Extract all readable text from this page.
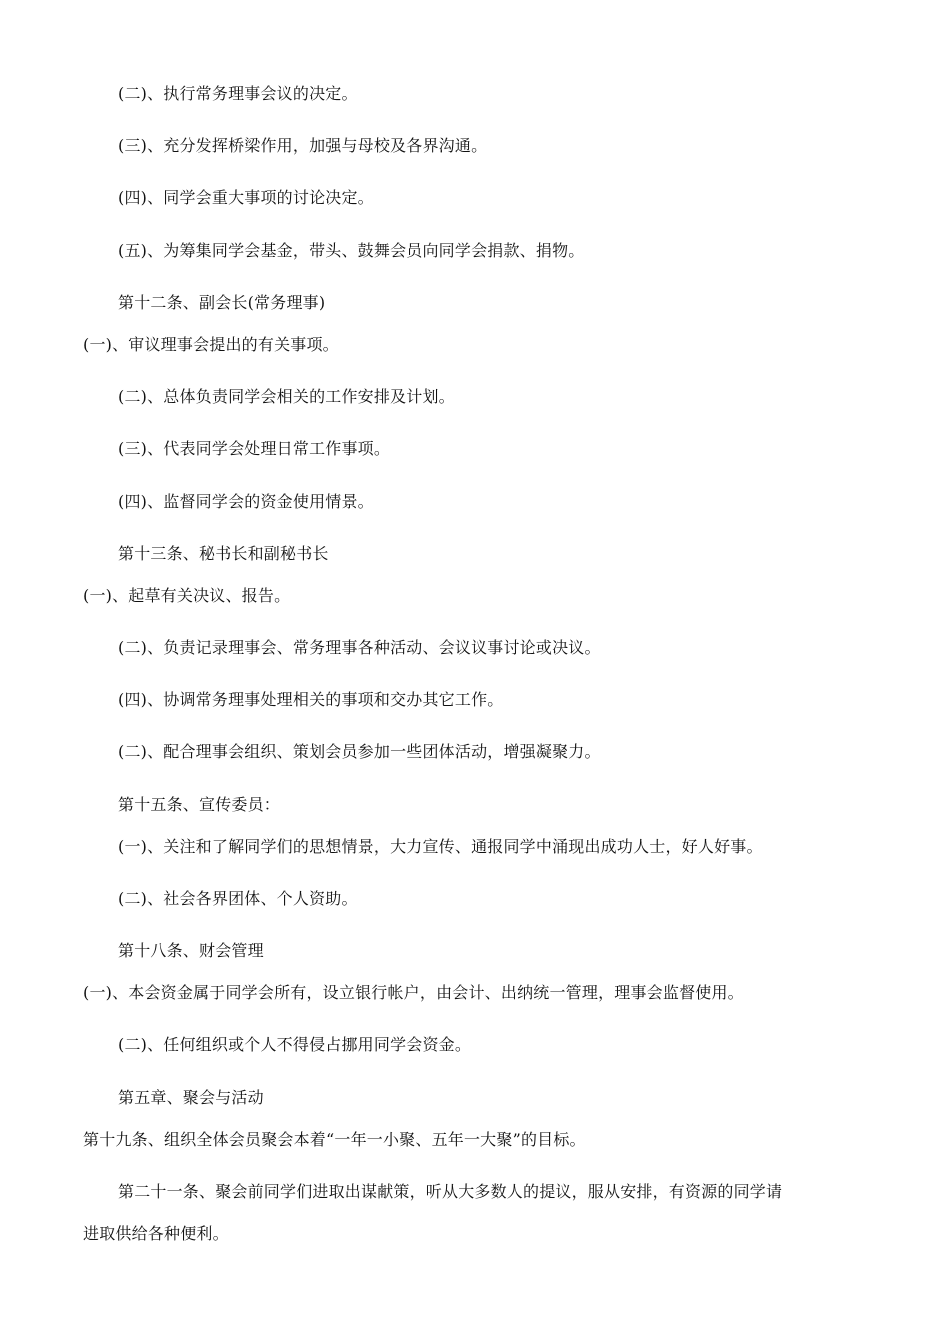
(二)、执行常务理事会议的决定。
(三)、充分发挥桥梁作用，加强与母校及各界沟通。
(四)、同学会重大事项的讨论决定。
(五)、为筹集同学会基金，带头、鼓舞会员向同学会捐款、捐物。
第十二条、副会长(常务理事)
(一)、审议理事会提出的有关事项。
(二)、总体负责同学会相关的工作安排及计划。
(三)、代表同学会处理日常工作事项。
(四)、监督同学会的资金使用情景。
第十三条、秘书长和副秘书长
(一)、起草有关决议、报告。
(二)、负责记录理事会、常务理事各种活动、会议议事讨论或决议。
(四)、协调常务理事处理相关的事项和交办其它工作。
(二)、配合理事会组织、策划会员参加一些团体活动，增强凝聚力。
第十五条、宣传委员：
(一)、关注和了解同学们的思想情景，大力宣传、通报同学中涌现出成功人士，好人好事。
(二)、社会各界团体、个人资助。
第十八条、财会管理
(一)、本会资金属于同学会所有，设立银行帐户，由会计、出纳统一管理，理事会监督使用。
(二)、任何组织或个人不得侵占挪用同学会资金。
第五章、聚会与活动
第十九条、组织全体会员聚会本着“一年一小聚、五年一大聚”的目标。
第二十一条、聚会前同学们进取出谋献策，听从大多数人的提议，服从安排，有资源的同学请
进取供给各种便利。
